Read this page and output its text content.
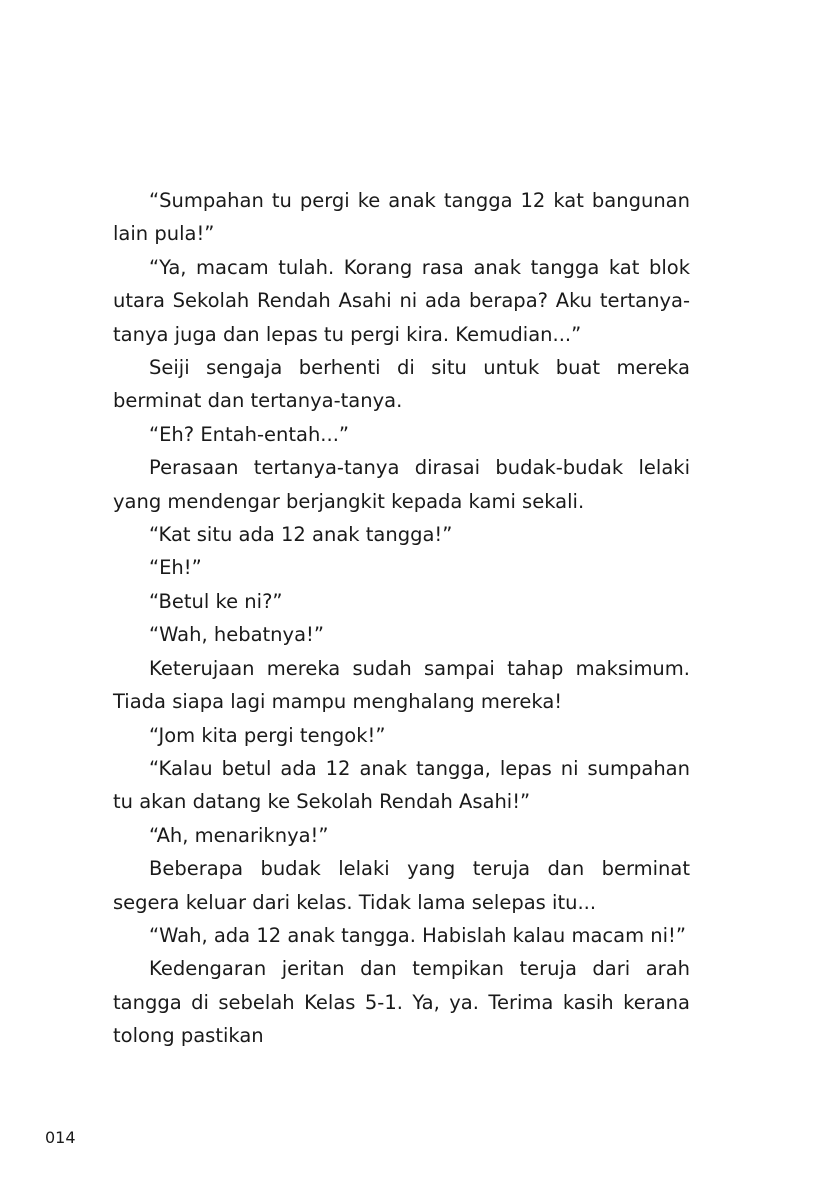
“Sumpahan tu pergi ke anak tangga 12 kat bangunan lain pula!”

“Ya, macam tulah. Korang rasa anak tangga kat blok utara Sekolah Rendah Asahi ni ada berapa? Aku tertanya-tanya juga dan lepas tu pergi kira. Kemudian...”

Seiji sengaja berhenti di situ untuk buat mereka berminat dan tertanya-tanya.

“Eh? Entah-entah...”

Perasaan tertanya-tanya dirasai budak-budak lelaki yang mendengar berjangkit kepada kami sekali.

“Kat situ ada 12 anak tangga!”

“Eh!”

“Betul ke ni?”

“Wah, hebatnya!”

Keterujaan mereka sudah sampai tahap maksimum. Tiada siapa lagi mampu menghalang mereka!

“Jom kita pergi tengok!”

“Kalau betul ada 12 anak tangga, lepas ni sumpahan tu akan datang ke Sekolah Rendah Asahi!”

“Ah, menariknya!”

Beberapa budak lelaki yang teruja dan berminat segera keluar dari kelas. Tidak lama selepas itu...

“Wah, ada 12 anak tangga. Habislah kalau macam ni!”

Kedengaran jeritan dan tempikan teruja dari arah tangga di sebelah Kelas 5-1. Ya, ya. Terima kasih kerana tolong pastikan

014
